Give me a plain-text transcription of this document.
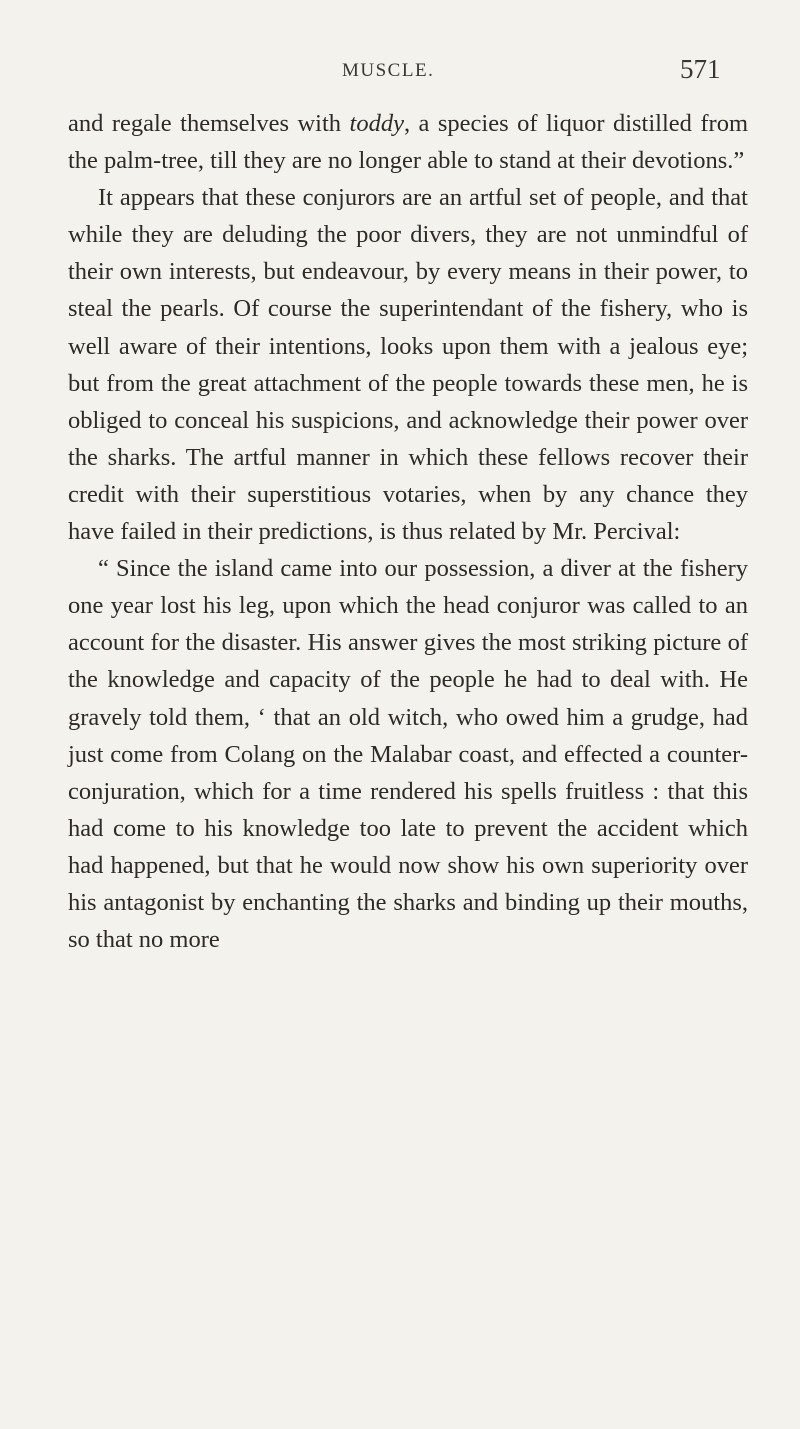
MUSCLE.	571

and regale themselves with toddy, a species of liquor distilled from the palm-tree, till they are no longer able to stand at their devotions.”

It appears that these conjurors are an artful set of people, and that while they are deluding the poor divers, they are not unmindful of their own interests, but endeavour, by every means in their power, to steal the pearls. Of course the superintendant of the fishery, who is well aware of their intentions, looks upon them with a jealous eye; but from the great attachment of the people towards these men, he is obliged to conceal his suspicions, and acknowledge their power over the sharks. The artful manner in which these fellows recover their credit with their superstitious votaries, when by any chance they have failed in their predictions, is thus related by Mr. Percival:

“ Since the island came into our possession, a diver at the fishery one year lost his leg, upon which the head conjuror was called to an account for the disaster. His answer gives the most striking picture of the knowledge and capacity of the people he had to deal with. He gravely told them, ‘ that an old witch, who owed him a grudge, had just come from Colang on the Malabar coast, and effected a counter-conjuration, which for a time rendered his spells fruitless : that this had come to his knowledge too late to prevent the accident which had happened, but that he would now show his own superiority over his antagonist by enchanting the sharks and binding up their mouths, so that no more
